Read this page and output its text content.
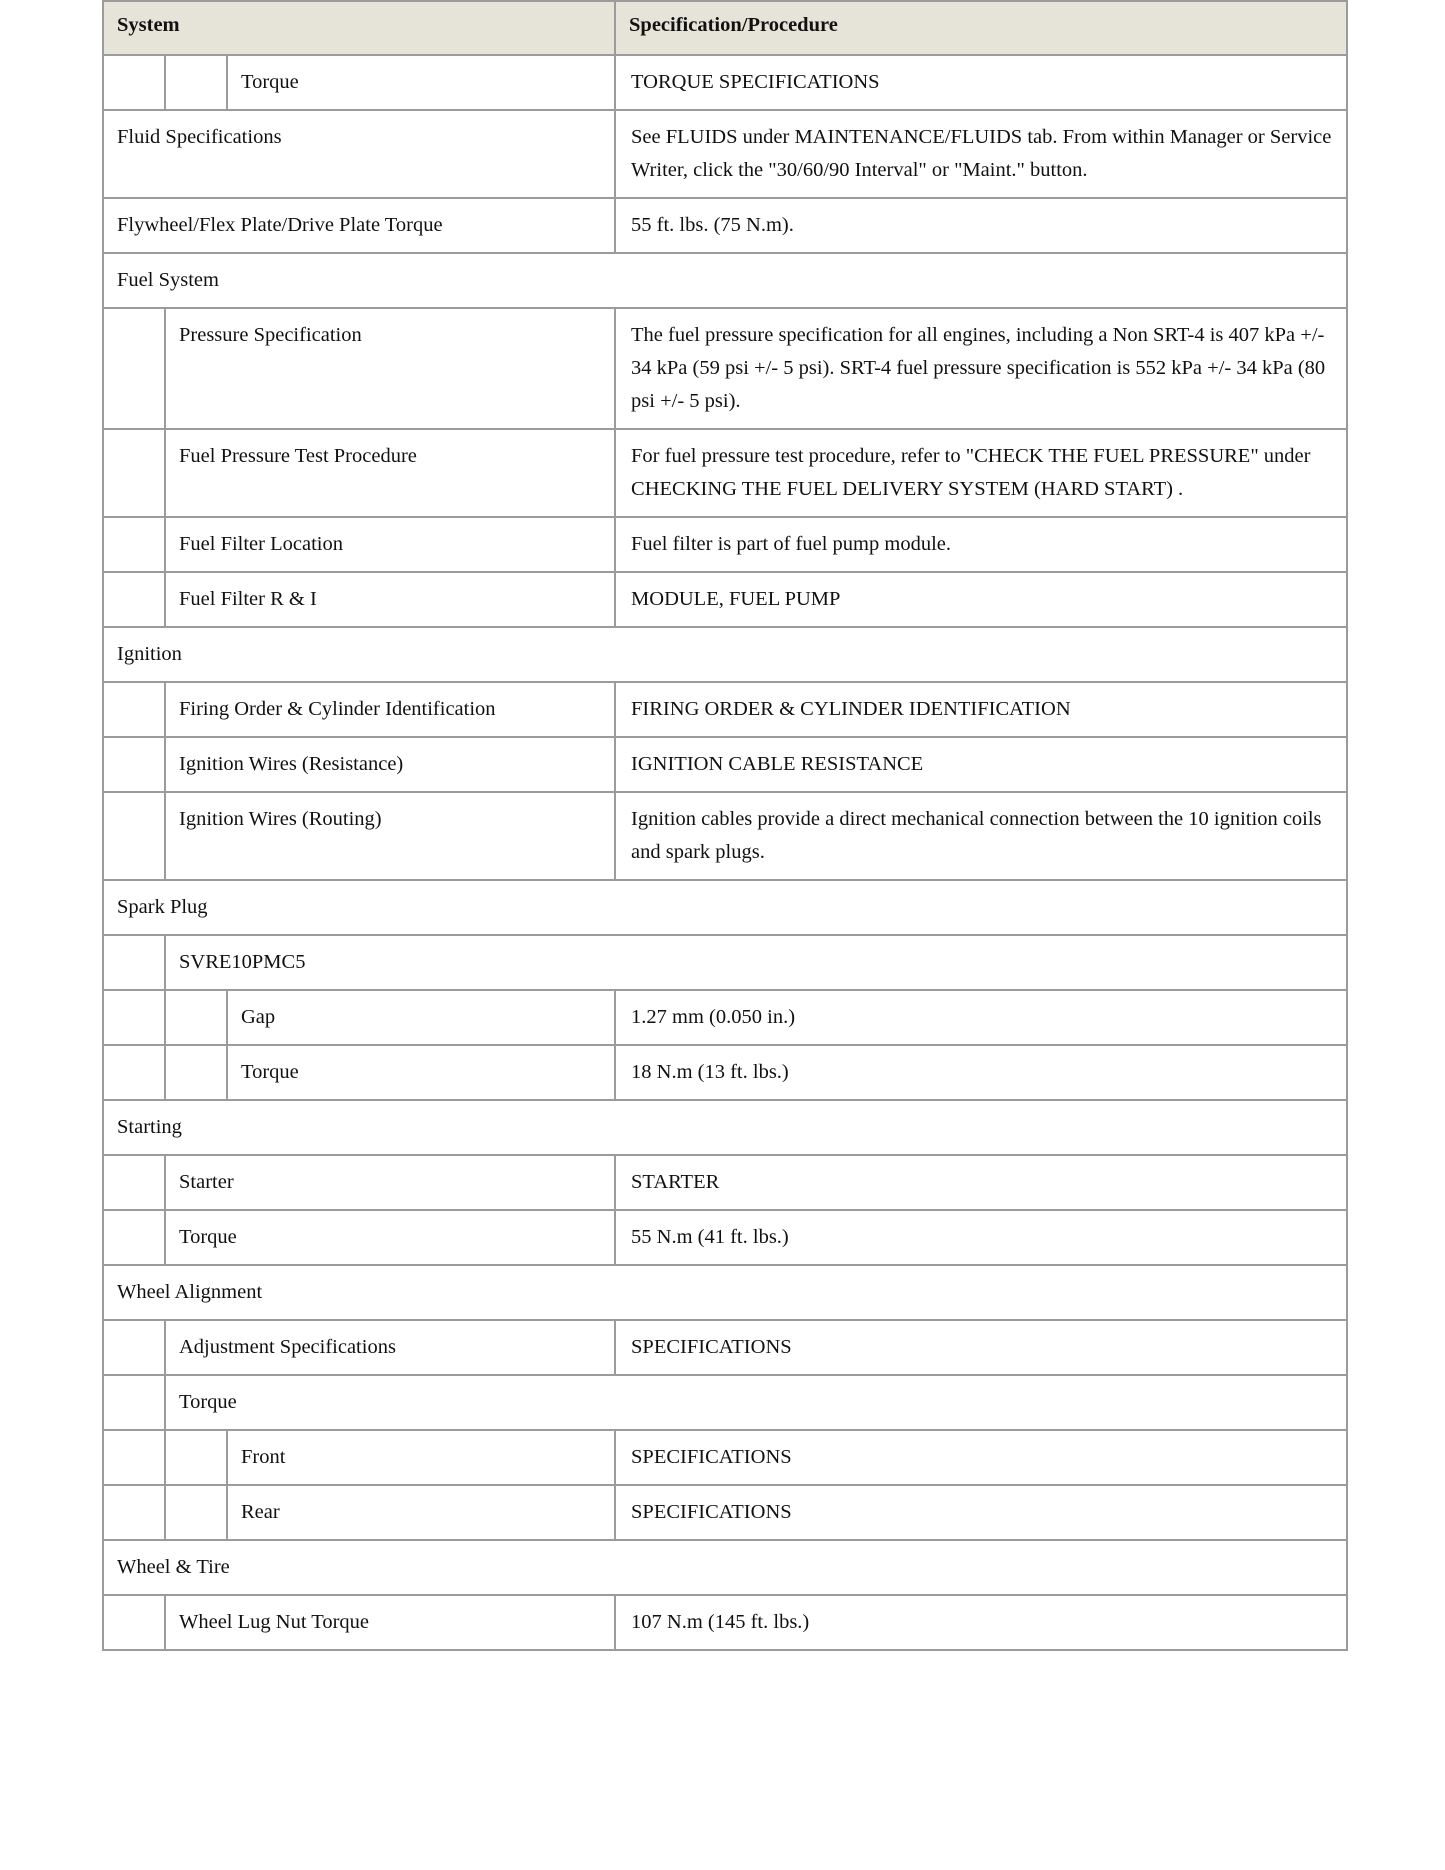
System			Specification/Procedure
		Torque	TORQUE SPECIFICATIONS
Fluid Specifications			See FLUIDS under MAINTENANCE/FLUIDS tab. From within Manager or Service Writer, click the "30/60/90 Interval" or "Maint." button.
Flywheel/Flex Plate/Drive Plate Torque			55 ft. lbs. (75 N.m).
Fuel System			
	Pressure Specification		The fuel pressure specification for all engines, including a Non SRT-4 is 407 kPa +/- 34 kPa (59 psi +/- 5 psi). SRT-4 fuel pressure specification is 552 kPa +/- 34 kPa (80 psi +/- 5 psi).
	Fuel Pressure Test Procedure		For fuel pressure test procedure, refer to "CHECK THE FUEL PRESSURE" under CHECKING THE FUEL DELIVERY SYSTEM (HARD START) .
	Fuel Filter Location		Fuel filter is part of fuel pump module.
	Fuel Filter R & I		MODULE, FUEL PUMP
Ignition			
	Firing Order & Cylinder Identification		FIRING ORDER & CYLINDER IDENTIFICATION
	Ignition Wires (Resistance)		IGNITION CABLE RESISTANCE
	Ignition Wires (Routing)		Ignition cables provide a direct mechanical connection between the 10 ignition coils and spark plugs.
Spark Plug			
	SVRE10PMC5		
		Gap	1.27 mm (0.050 in.)
		Torque	18 N.m (13 ft. lbs.)
Starting			
	Starter		STARTER
	Torque		55 N.m (41 ft. lbs.)
Wheel Alignment			
	Adjustment Specifications		SPECIFICATIONS
	Torque		
		Front	SPECIFICATIONS
		Rear	SPECIFICATIONS
Wheel & Tire			
	Wheel Lug Nut Torque		107 N.m (145 ft. lbs.)
